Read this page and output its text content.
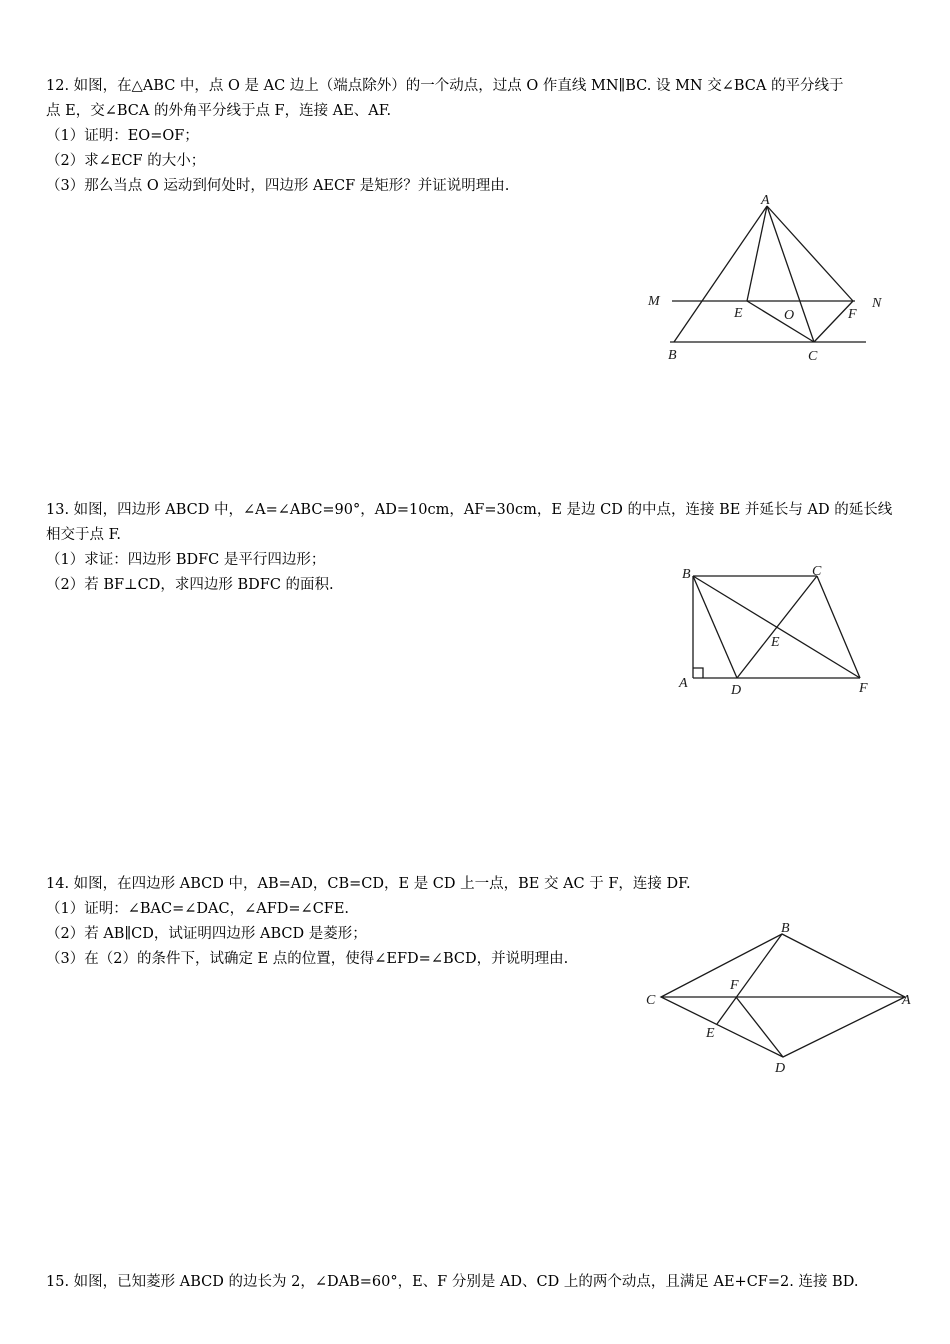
12. 如图，在△ABC 中，点 O 是 AC 边上（端点除外）的一个动点，过点 O 作直线 MN∥BC. 设 MN 交∠BCA 的平分线于
点 E，交∠BCA 的外角平分线于点 F，连接 AE、AF.
（1）证明：EO=OF；
（2）求∠ECF 的大小；
（3）那么当点 O 运动到何处时，四边形 AECF 是矩形？并证说明理由.
A
M	N
E	O	F
B	C
13. 如图，四边形 ABCD 中，∠A=∠ABC=90°，AD=10cm，AF=30cm，E 是边 CD 的中点，连接 BE 并延长与 AD 的延长线
相交于点 F.
（1）求证：四边形 BDFC 是平行四边形；
（2）若 BF⊥CD，求四边形 BDFC 的面积.
B	C
E
A	D	F
14. 如图，在四边形 ABCD 中，AB=AD，CB=CD，E 是 CD 上一点，BE 交 AC 于 F，连接 DF.
（1）证明：∠BAC=∠DAC，∠AFD=∠CFE.
（2）若 AB∥CD，试证明四边形 ABCD 是菱形；
（3）在（2）的条件下，试确定 E 点的位置，使得∠EFD=∠BCD，并说明理由.
B
F
C	A
E
D
15. 如图，已知菱形 ABCD 的边长为 2，∠DAB=60°，E、F 分别是 AD、CD 上的两个动点，且满足 AE+CF=2. 连接 BD.
